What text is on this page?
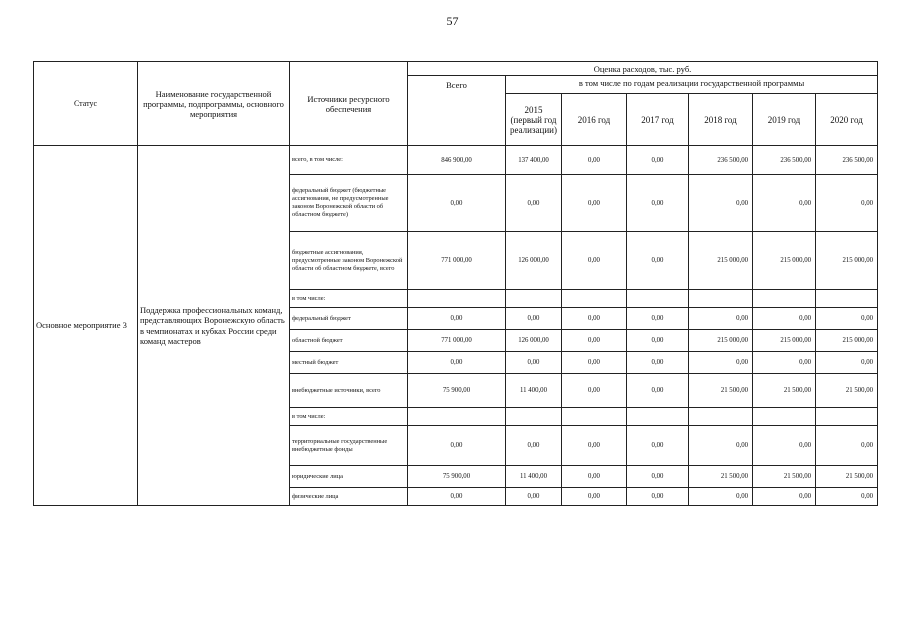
57
Статус	Наименование государственной программы, подпрограммы, основного мероприятия	Источники ресурсного обеспечения	Оценка расходов, тыс. руб.						
			Всего	в том числе по годам реализации государственной программы					
				2015 (первый год реализации)	2016 год	2017 год	2018 год	2019 год	2020 год
Основное мероприятие 3	Поддержка профессиональных команд, представляющих Воронежскую область в чемпионатах и кубках России среди команд мастеров	всего, в том числе:	846 900,00	137 400,00	0,00	0,00	236 500,00	236 500,00	236 500,00
		федеральный бюджет (бюджетные ассигнования, не предусмотренные законом Воронежской области об областном бюджете)	0,00	0,00	0,00	0,00	0,00	0,00	0,00
		бюджетные ассигнования, предусмотренные законом Воронежской области об областном бюджете, всего	771 000,00	126 000,00	0,00	0,00	215 000,00	215 000,00	215 000,00
		в том числе:							
		федеральный бюджет	0,00	0,00	0,00	0,00	0,00	0,00	0,00
		областной бюджет	771 000,00	126 000,00	0,00	0,00	215 000,00	215 000,00	215 000,00
		местный бюджет	0,00	0,00	0,00	0,00	0,00	0,00	0,00
		внебюджетные источники, всего	75 900,00	11 400,00	0,00	0,00	21 500,00	21 500,00	21 500,00
		в том числе:							
		территориальные государственные внебюджетные фонды	0,00	0,00	0,00	0,00	0,00	0,00	0,00
		юридические лица	75 900,00	11 400,00	0,00	0,00	21 500,00	21 500,00	21 500,00
		физические лица	0,00	0,00	0,00	0,00	0,00	0,00	0,00
